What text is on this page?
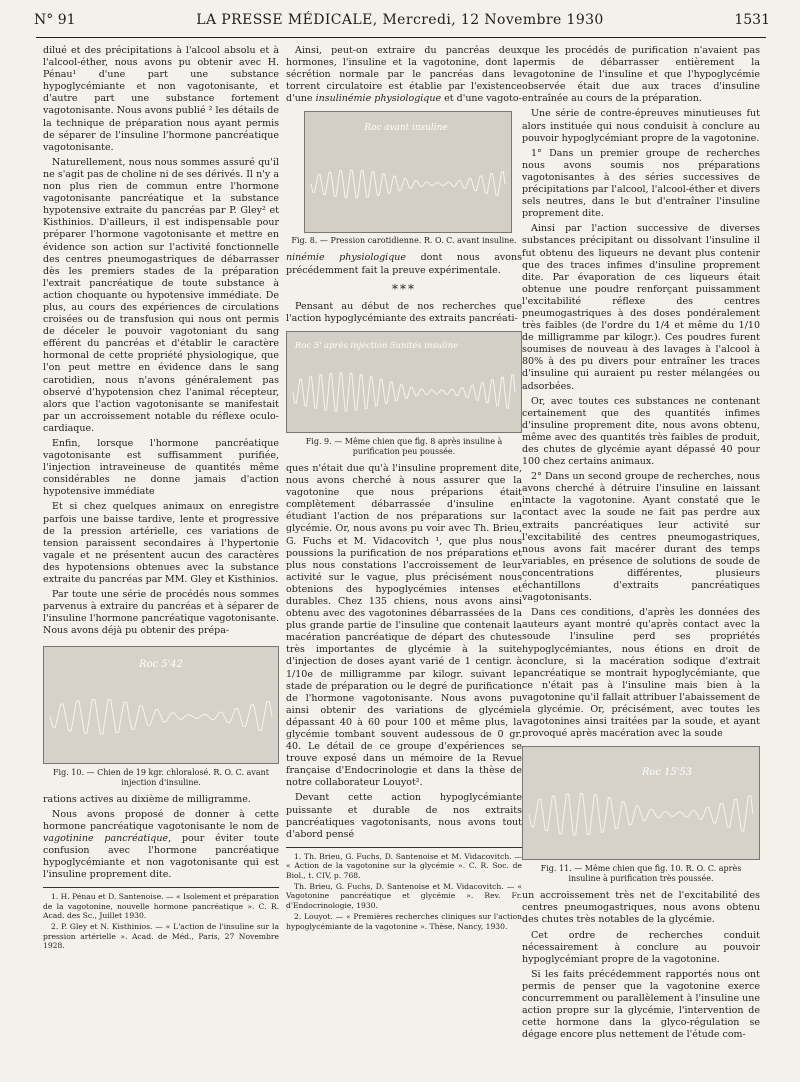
N° 91	LA PRESSE MÉDICALE, Mercredi, 12 Novembre 1930	1531

dilué et des précipitations à l'alcool absolu et à l'alcool-éther, nous avons pu obtenir avec H. Pénau¹ d'une part une substance hypoglycémiante et non vagotonisante, et d'autre part une substance fortement vagotonisante. Nous avons publié ² les détails de la technique de préparation nous ayant permis de séparer de l'insuline l'hormone pancréatique vagotonisante.

Naturellement, nous nous sommes assuré qu'il ne s'agit pas de choline ni de ses dérivés. Il n'y a non plus rien de commun entre l'hormone vagotonisante pancréatique et la substance hypotensive extraite du pancréas par P. Gley² et Kisthinios. D'ailleurs, il est indispensable pour préparer l'hormone vagotonisante et mettre en évidence son action sur l'activité fonctionnelle des centres pneumogastriques de débarrasser dès les premiers stades de la préparation l'extrait pancréatique de toute substance à action choquante ou hypotensive immédiate. De plus, au cours des expériences de circulations croisées ou de transfusion qui nous ont permis de déceler le pouvoir vagotoniant du sang efférent du pancréas et d'établir le caractère hormonal de cette propriété physiologique, que l'on peut mettre en évidence dans le sang carotidien, nous n'avons généralement pas observé d'hypotension chez l'animal récepteur, alors que l'action vagotonisante se manifestait par un accroissement notable du réflexe oculo-cardiaque.

Enfin, lorsque l'hormone pancréatique vagotonisante est suffisamment purifiée, l'injection intraveineuse de quantités même considérables ne donne jamais d'action hypotensive immédiate

Et si chez quelques animaux on enregistre parfois une baisse tardive, lente et progressive de la pression artérielle, ces variations de tension paraissent secondaires à l'hypertonie vagale et ne présentent aucun des caractères des hypotensions obtenues avec la substance extraite du pancréas par MM. Gley et Kisthinios.

Par toute une série de procédés nous sommes parvenus à extraire du pancréas et à séparer de l'insuline l'hormone pancréatique vagotonisante. Nous avons déjà pu obtenir des prépa-

Roc 5'42
Fig. 10. — Chien de 19 kgr. chloralosé. R. O. C. avant injection d'insuline.

rations actives au dixième de milligramme.

Nous avons proposé de donner à cette hormone pancréatique vagotonisante le nom de vagotinine pancréatique, pour éviter toute confusion avec l'hormone pancréatique hypoglycémiante et non vagotonisante qui est l'insuline proprement dite.

1. H. Pénau et D. Santenoise. — « Isolement et préparation de la vagotonine, nouvelle hormone pancréatique ». C. R. Acad. des Sc., Juillet 1930.
2. P. Gley et N. Kisthinios. — « L'action de l'insuline sur la pression artérielle ». Acad. de Méd., Paris, 27 Novembre 1928.

Ainsi, peut-on extraire du pancréas deux hormones, l'insuline et la vagotonine, dont la sécrétion normale par le pancréas dans le torrent circulatoire est établie par l'existence d'une insulinémie physiologique et d'une vagoto-

Roc avant insuline
Fig. 8. — Pression carotidienne. R. O. C. avant insuline.

ninémie physiologique dont nous avons précédemment fait la preuve expérimentale.

***

Pensant au début de nos recherches que l'action hypoglycémiante des extraits pancréati-

Roc 5' après injection 5unités insuline
Fig. 9. — Même chien que fig. 8 après insuline à purification peu poussée.

ques n'était due qu'à l'insuline proprement dite, nous avons cherché à nous assurer que la vagotonine que nous préparions était complètement débarrassée d'insuline en étudiant l'action de nos préparations sur la glycémie. Or, nous avons pu voir avec Th. Brieu, G. Fuchs et M. Vidacovitch ¹, que plus nous poussions la purification de nos préparations et plus nous constations l'accroissement de leur activité sur le vague, plus précisément nous obtenions des hypoglycémies intenses et durables. Chez 135 chiens, nous avons ainsi obtenu avec des vagotonines débarrassées de la plus grande partie de l'insuline que contenait la macération pancréatique de départ des chutes très importantes de glycémie à la suite d'injection de doses ayant varié de 1 centigr. à 1/10e de milligramme par kilogr. suivant le stade de préparation ou le degré de purification de l'hormone vagotonisante. Nous avons pu ainsi obtenir des variations de glycémie dépassant 40 à 60 pour 100 et même plus, la glycémie tombant souvent audessous de 0 gr. 40. Le détail de ce groupe d'expériences se trouve exposé dans un mémoire de la Revue française d'Endocrinologie et dans la thèse de notre collaborateur Louyot².

Devant cette action hypoglycémiante puissante et durable de nos extraits pancréatiques vagotonisants, nous avons tout d'abord pensé

1. Th. Brieu, G. Fuchs, D. Santenoise et M. Vidacovitch. — « Action de la vagotonine sur la glycémie ». C. R. Soc. de Biol., t. CIV, p. 768.
Th. Brieu, G. Fuchs, D. Santenoise et M. Vidacovitch. — « Vagotonine pancréatique et glycémie ». Rev. Fr. d'Endocrinologie, 1930.
2. Louyot. — « Premières recherches cliniques sur l'action hypoglycémiante de la vagotonine ». Thèse, Nancy, 1930.

que les procédés de purification n'avaient pas permis de débarrasser entièrement la vagotonine de l'insuline et que l'hypoglycémie observée était due aux traces d'insuline entraînée au cours de la préparation.

Une série de contre-épreuves minutieuses fut alors instituée qui nous conduisit à conclure au pouvoir hypoglycémiant propre de la vagotonine.

1° Dans un premier groupe de recherches nous avons soumis nos préparations vagotonisantes à des séries successives de précipitations par l'alcool, l'alcool-éther et divers sels neutres, dans le but d'entraîner l'insuline proprement dite.

Ainsi par l'action successive de diverses substances précipitant ou dissolvant l'insuline il fut obtenu des liqueurs ne devant plus contenir que des traces infimes d'insuline proprement dite. Par évaporation de ces liqueurs était obtenue une poudre renforçant puissamment l'excitabilité réflexe des centres pneumogastriques à des doses pondéralement très faibles (de l'ordre du 1/4 et même du 1/10 de milligramme par kilogr.). Ces poudres furent soumises de nouveau à des lavages à l'alcool à 80% à des pu divers pour entraîner les traces d'insuline qui auraient pu rester mélangées ou adsorbées.

Or, avec toutes ces substances ne contenant certainement que des quantités infimes d'insuline proprement dite, nous avons obtenu, même avec des quantités très faibles de produit, des chutes de glycémie ayant dépassé 40 pour 100 chez certains animaux.

2° Dans un second groupe de recherches, nous avons cherché à détruire l'insuline en laissant intacte la vagotonine. Ayant constaté que le contact avec la soude ne fait pas perdre aux extraits pancréatiques leur activité sur l'excitabilité des centres pneumogastriques, nous avons fait macérer durant des temps variables, en présence de solutions de soude de concentrations différentes, plusieurs échantillons d'extraits pancréatiques vagotonisants.

Dans ces conditions, d'après les données des auteurs ayant montré qu'après contact avec la soude l'insuline perd ses propriétés hypoglycémiantes, nous étions en droit de conclure, si la macération sodique d'extrait pancréatique se montrait hypoglycémiante, que ce n'était pas à l'insuline mais bien à la vagotonine qu'il fallait attribuer l'abaissement de la glycémie. Or, précisément, avec toutes les vagotonines ainsi traitées par la soude, et ayant provoqué après macération avec la soude

Roc 15'53
Fig. 11. — Même chien que fig. 10. R. O. C. après insuline à purification très poussée.

un accroissement très net de l'excitabilité des centres pneumogastriques, nous avons obtenu des chutes très notables de la glycémie.

Cet ordre de recherches conduit nécessairement à conclure au pouvoir hypoglycémiant propre de la vagotonine.

Si les faits précédemment rapportés nous ont permis de penser que la vagotonine exerce concurremment ou parallèlement à l'insuline une action propre sur la glycémie, l'intervention de cette hormone dans la glyco-régulation se dégage encore plus nettement de l'étude com-
